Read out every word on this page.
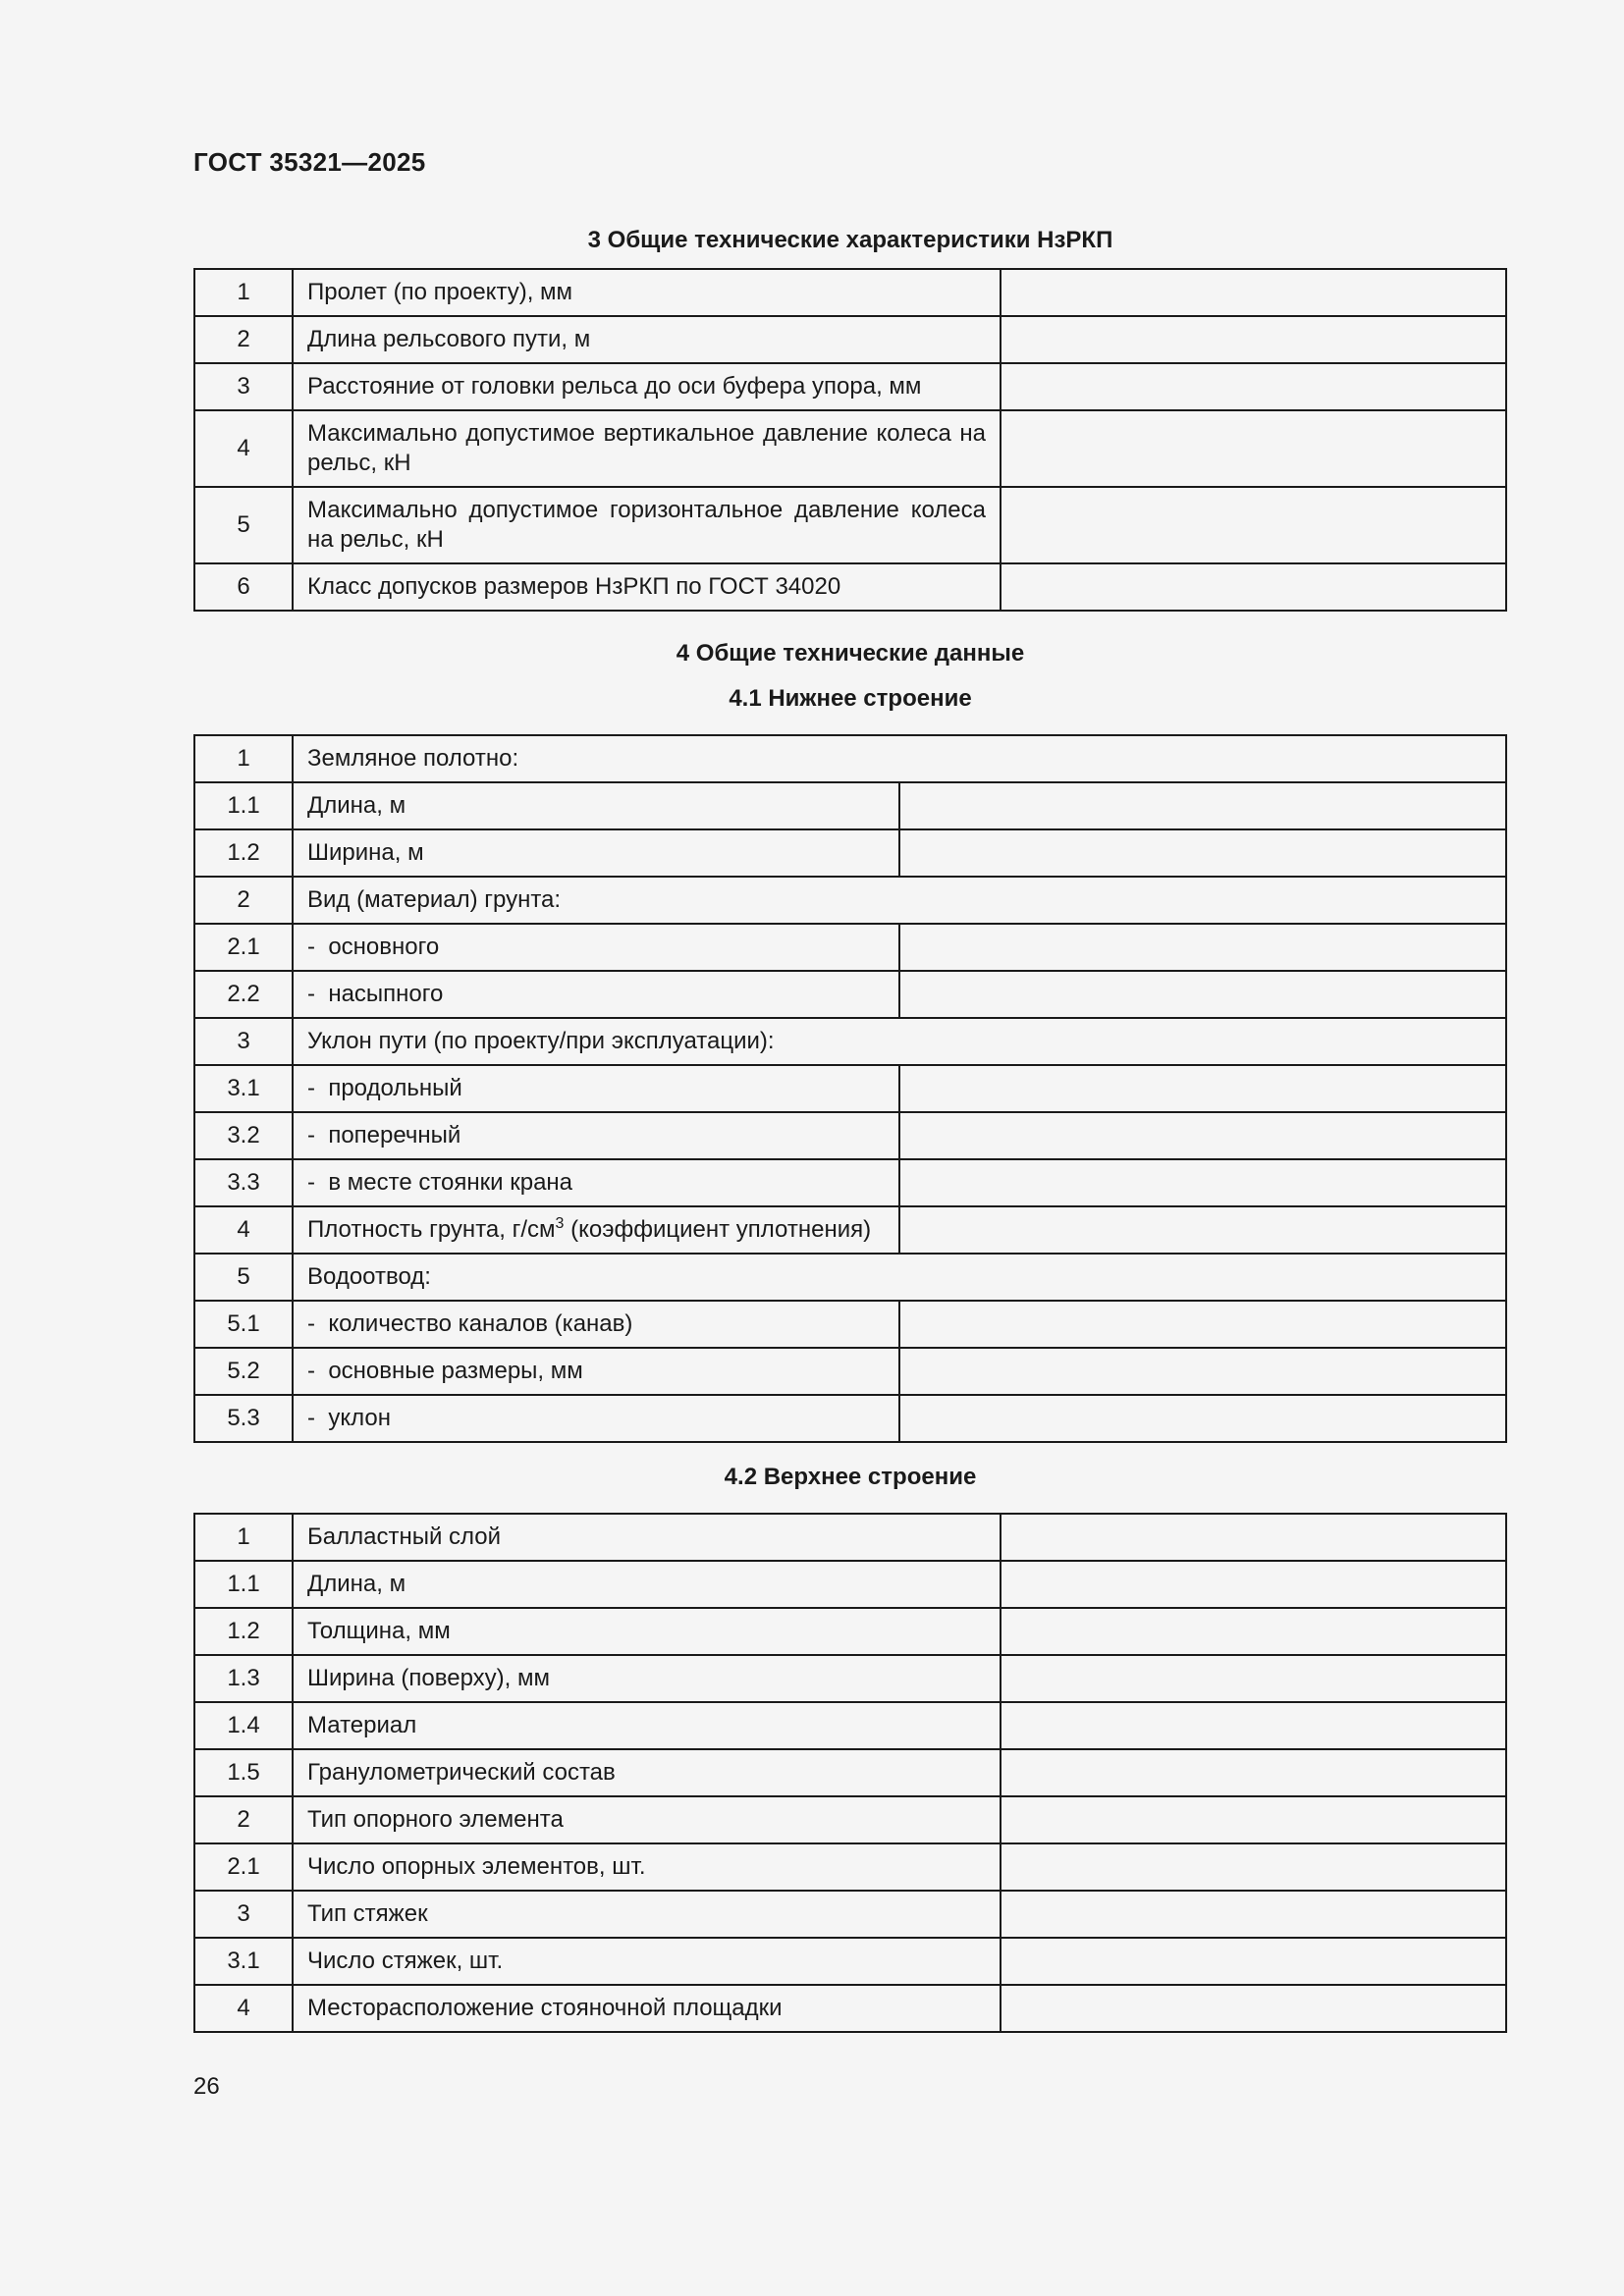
ГОСТ 35321—2025
3 Общие технические характеристики НзРКП
1	Пролет (по проекту), мм	
2	Длина рельсового пути, м	
3	Расстояние от головки рельса до оси буфера упора, мм	
4	Максимально допустимое вертикальное давление колеса на рельс, кН	
5	Максимально допустимое горизонтальное давление колеса на рельс, кН	
6	Класс допусков размеров НзРКП по ГОСТ 34020	
4 Общие технические данные
4.1 Нижнее строение
1	Земляное полотно:	
1.1	Длина, м	
1.2	Ширина, м	
2	Вид (материал) грунта:	
2.1	-  основного	
2.2	-  насыпного	
3	Уклон пути (по проекту/при эксплуатации):	
3.1	-  продольный	
3.2	-  поперечный	
3.3	-  в месте стоянки крана	
4	Плотность грунта, $г/см^3$ (коэффициент уплотнения)	
5	Водоотвод:	
5.1	-  количество каналов (канав)	
5.2	-  основные размеры, мм	
5.3	-  уклон	
4.2 Верхнее строение
1	Балластный слой	
1.1	Длина, м	
1.2	Толщина, мм	
1.3	Ширина (поверху), мм	
1.4	Материал	
1.5	Гранулометрический состав	
2	Тип опорного элемента	
2.1	Число опорных элементов, шт.	
3	Тип стяжек	
3.1	Число стяжек, шт.	
4	Месторасположение стояночной площадки	
26
